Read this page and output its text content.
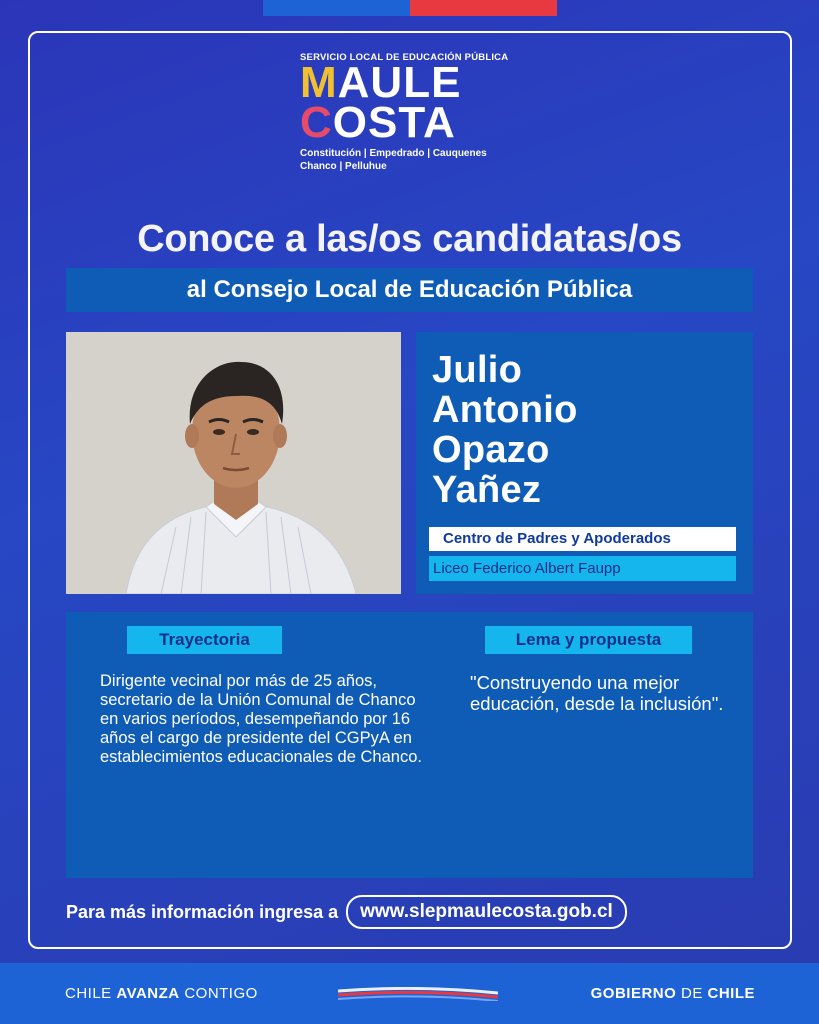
SERVICIO LOCAL DE EDUCACIÓN PÚBLICA
MAULE
COSTA
Constitución | Empedrado | Cauquenes
Chanco | Pelluhue
Conoce a las/os candidatas/os
al Consejo Local de Educación Pública
Julio
Antonio
Opazo
Yañez
Centro de Padres y Apoderados
Liceo Federico Albert Faupp
Trayectoria	Lema y propuesta
Dirigente vecinal por más de 25 años, secretario de la Unión Comunal de Chanco en varios períodos, desempeñando por 16 años el cargo de presidente del CGPyA en establecimientos educacionales de Chanco.
"Construyendo una mejor educación, desde la inclusión".
Para más información ingresa a	www.slepmaulecosta.gob.cl
CHILE AVANZA CONTIGO	GOBIERNO DE CHILE
